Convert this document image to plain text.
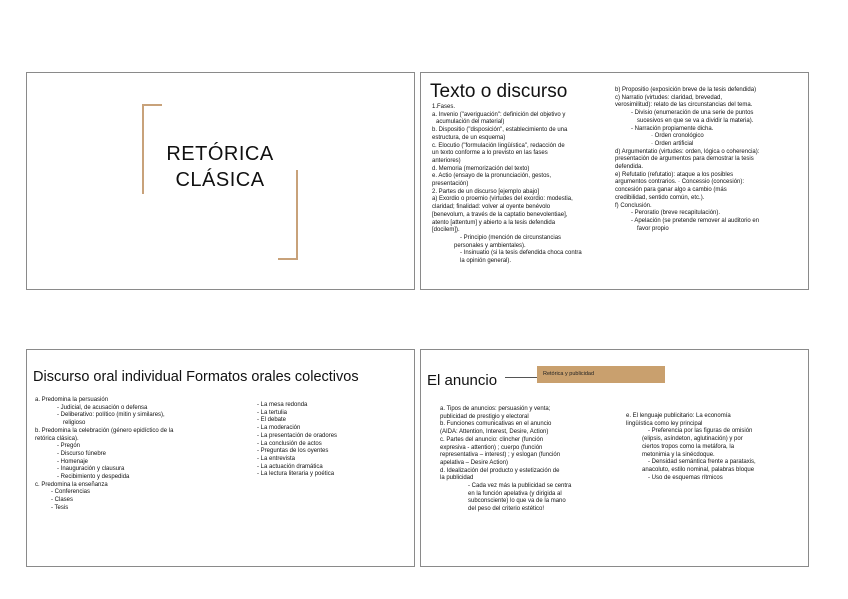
RETÓRICA
CLÁSICA
Texto o discurso
1.Fases.
a. Invenio ("averiguación": definición del objetivo y
acumulación del material)
b. Dispositio ("disposición", establecimiento de una
estructura, de un esquema)
c. Elocutio ("formulación lingüística", redacción de
un texto conforme a lo previsto en las fases
anteriores)
d. Memoria (memorización del texto)
e. Actio (ensayo de la pronunciación, gestos,
presentación)
2. Partes de un discurso [ejemplo abajo]
a) Exordio o proemio (virtudes del exordio: modestia,
claridad; finalidad: volver al oyente benévolo
[benevolum, a través de la captatio benevolentiae],
atento [attentum] y abierto a la tesis defendida
[docilem]).
- Principio (mención de circunstancias
personales y ambientales).
- Insinuatio (si la tesis defendida choca contra
la opinión general).
b) Propositio (exposición breve de la tesis defendida)
c) Narratio (virtudes: claridad, brevedad,
verosimilitud): relato de las circunstancias del tema.
- Divisio (enumeración de una serie de puntos
sucesivos en que se va a dividir la materia).
- Narración propiamente dicha.
· Orden cronológico
· Orden artificial
d) Argumentatio (virtudes: orden, lógica o coherencia):
presentación de argumentos para demostrar la tesis
defendida.
e) Refutatio (refutatio): ataque a los posibles
argumentos contrarios. · Concessio (concesión):
concesión para ganar algo a cambio (más
credibilidad, sentido común, etc.).
f) Conclusión.
- Peroratio (breve recapitulación).
- Apelación (se pretende remover al auditorio en
favor propio
Discurso oral individual Formatos orales colectivos
a. Predomina la persuasión
- Judicial, de acusación o defensa
- Deliberativo: político (mitin y similares),
religioso
b. Predomina la celebración (género epidíctico de la
retórica clásica).
- Pregón
- Discurso fúnebre
- Homenaje
- Inauguración y clausura
- Recibimiento y despedida
c. Predomina la enseñanza
- Conferencias
- Clases
- Tesis
- La mesa redonda
- La tertulia
- El debate
- La moderación
- La presentación de oradores
- La conclusión de actos
- Preguntas de los oyentes
- La entrevista
- La actuación dramática
- La lectura literaria y poética
El anuncio	Retórica y publicidad
a. Tipos de anuncios: persuasión y venta;
publicidad de prestigio y electoral
b. Funciones comunicativas en el anuncio
(AIDA: Attention, Interest, Desire, Action)
c. Partes del anuncio: clincher (función
expresiva - attention) ; cuerpo (función
representativa – interest) ; y eslogan (función
apelativa – Desire Action)
d. Idealización del producto y estetización de
la publicidad
- Cada vez más la publicidad se centra
en la función apelativa (y dirigida al
subconsciente) lo que va de la mano
del peso del criterio estético!
e. El lenguaje publicitario: La economía
lingüística como ley principal
- Preferencia por las figuras de omisión
(elipsis, asíndeton, aglutinación) y por
ciertos tropos como la metáfora, la
metonimia y la sinécdoque.
- Densidad semántica frente a parataxis,
anacoluto, estilo nominal, palabras bloque
- Uso de esquemas rítmicos
